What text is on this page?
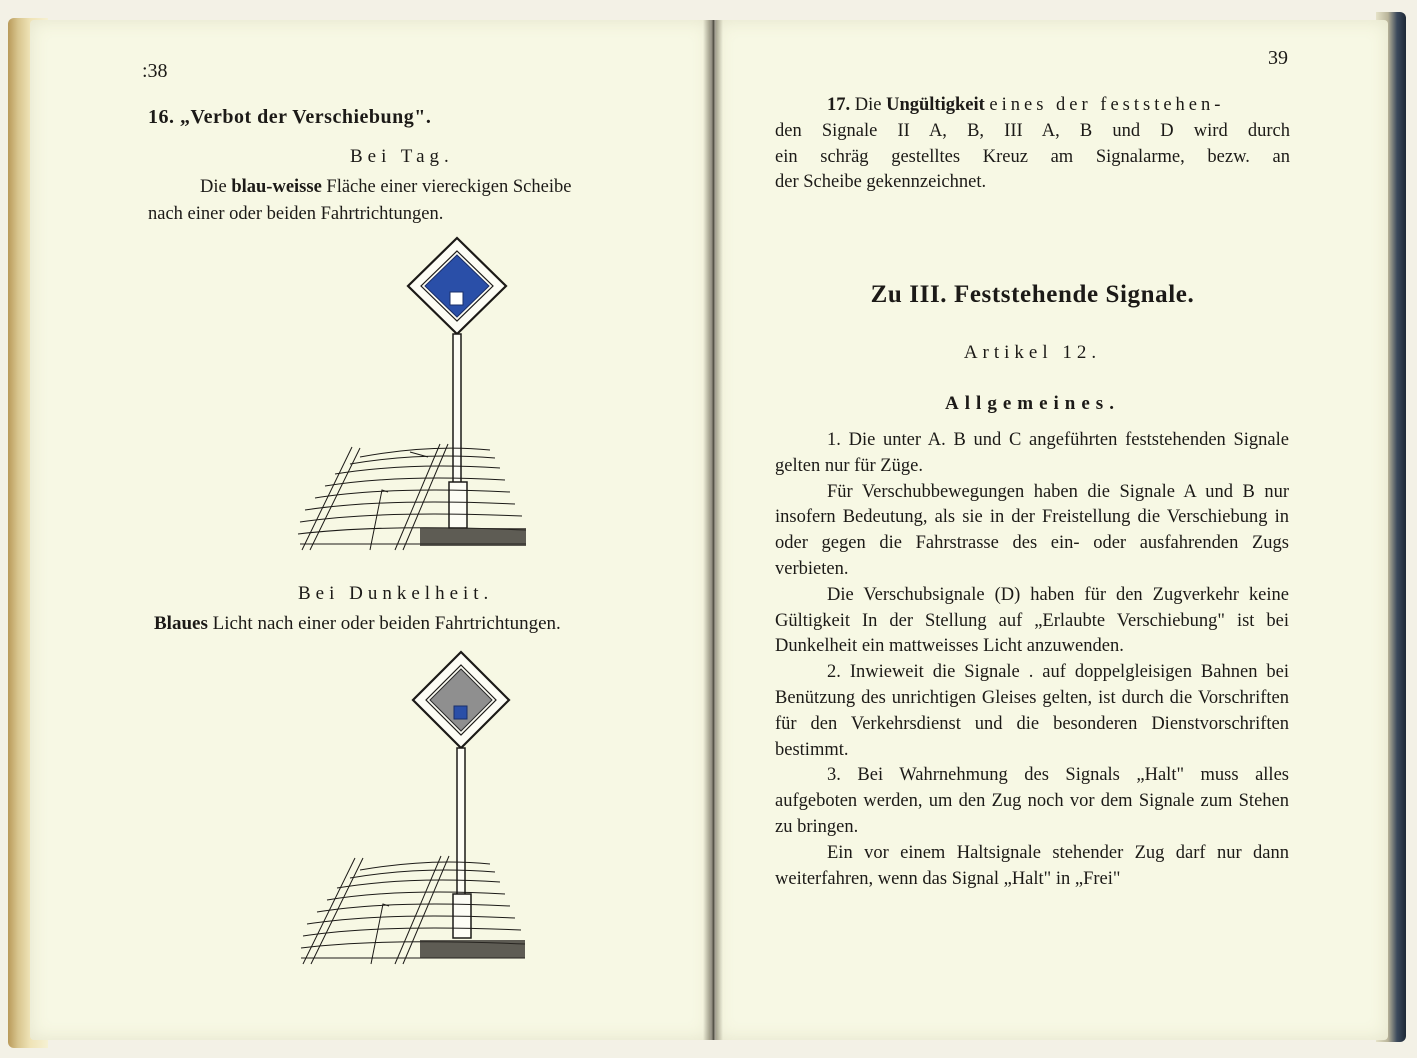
:38
16. „Verbot der Verschiebung".
Bei Tag.
Die blau-weisse Fläche einer viereckigen Scheibe
nach einer oder beiden Fahrtrichtungen.
Bei Dunkelheit.
Blaues Licht nach einer oder beiden Fahrtrichtungen.
39
17. Die Ungültigkeit eines der feststehen-
den Signale II A, B, III A, B und D wird durch
ein schräg gestelltes Kreuz am Signalarme, bezw. an
der Scheibe gekennzeichnet.
Zu III. Feststehende Signale.
Artikel 12.
Allgemeines.

1. Die unter A. B und C angeführten feststehenden Signale gelten nur für Züge.

Für Verschubbewegungen haben die Signale A und B nur insofern Bedeutung, als sie in der Freistellung die Verschiebung in oder gegen die Fahrstrasse des ein- oder ausfahrenden Zugs verbieten.

Die Verschubsignale (D) haben für den Zugverkehr keine Gültigkeit In der Stellung auf „Erlaubte Verschiebung" ist bei Dunkelheit ein mattweisses Licht anzuwenden.

2. Inwieweit die Signale . auf doppelgleisigen Bahnen bei Benützung des unrichtigen Gleises gelten, ist durch die Vorschriften für den Verkehrsdienst und die besonderen Dienstvorschriften bestimmt.

3. Bei Wahrnehmung des Signals „Halt" muss alles aufgeboten werden, um den Zug noch vor dem Signale zum Stehen zu bringen.

Ein vor einem Haltsignale stehender Zug darf nur dann weiterfahren, wenn das Signal „Halt" in „Frei"
